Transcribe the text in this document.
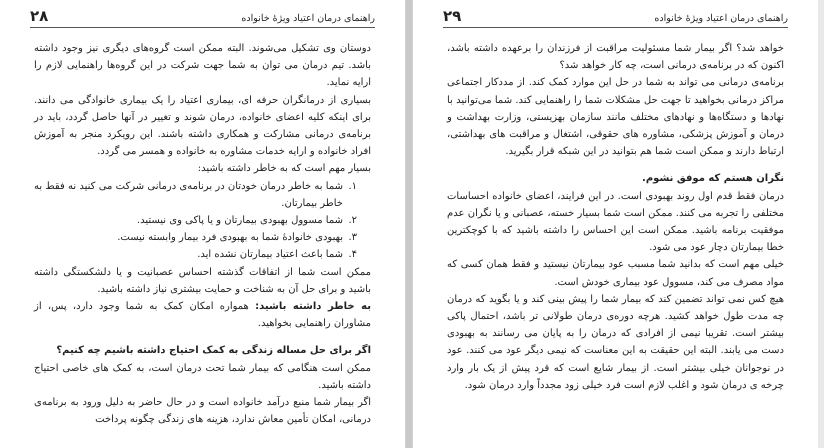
۲۸	راهنمای درمان اعتیاد ویژهٔ خانواده

دوستان وی تشکیل می‌شوند. البته ممکن است گروه‌های دیگری نیز وجود داشته باشد. تیم درمان می توان به شما جهت شرکت در این گروه‌ها راهنمایی لازم را ارایه نماید.

بسیاری از درمانگران حرفه ای، بیماری اعتیاد را یک بیماری خانوادگی می دانند. برای اینکه کلیه اعضای خانواده، درمان شوند و تغییر در آنها حاصل گردد، باید در برنامه‌ی درمانی مشارکت و همکاری داشته باشند. این رویکرد منجر به آموزش افراد خانواده و ارایه خدمات مشاوره به خانواده و همسر می گردد.

بسیار مهم است که به خاطر داشته باشید:

۱.
شما به خاطر درمان خودتان در برنامه‌ی درمانی شرکت می کنید نه فقط به خاطر بیمارتان.
۲.
شما مسوول بهبودی بیمارتان و یا پاکی وی نیستید.
۳.
بهبودی خانوادهٔ شما به بهبودی فرد بیمار وابسته نیست.
۴.
شما باعث اعتیاد بیمارتان نشده اید.

ممکن است شما از اتفاقات گذشته احساس عصبانیت و یا دلشکستگی داشته باشید و برای حل آن به شناخت و حمایت بیشتری نیاز داشته باشید.

به خاطر داشته باشید: همواره امکان کمک به شما وجود دارد، پس، از مشاوران راهنمایی بخواهید.

اگر برای حل مساله زندگی به کمک احتیاج داشته باشیم چه کنیم؟

ممکن است هنگامی که بیمار شما تحت درمان است، به کمک های خاصی احتیاج داشته باشید.

اگر بیمار شما منبع درآمد خانواده است و در حال حاضر به دلیل ورود به برنامه‌ی درمانی، امکان تأمین معاش ندارد، هزینه های زندگی چگونه پرداخت

۲۹	راهنمای درمان اعتیاد ویژهٔ خانواده

خواهد شد؟ اگر بیمار شما مسئولیت مراقبت از فرزندان را برعهده داشته باشد، اکنون که در برنامه‌ی درمانی است، چه کار خواهد شد؟

برنامه‌ی درمانی می تواند به شما در حل این موارد کمک کند. از مددکار اجتماعی مراکز درمانی بخواهید تا جهت حل مشکلات شما را راهنمایی کند. شما می‌توانید با نهادها و دستگاه‌ها و نهادهای مختلف مانند سازمان بهزیستی، وزارت بهداشت و درمان و آموزش پزشکی، مشاوره های حقوقی، اشتغال و مراقبت های بهداشتی، ارتباط دارند و ممکن است شما هم بتوانید در این شبکه قرار بگیرید.

نگران هستم که موفق نشوم.

درمان فقط قدم اول روند بهبودی است. در این فرایند، اعضای خانواده احساسات مختلفی را تجربه می کنند. ممکن است شما بسیار خسته، عصبانی و یا نگران عدم موفقیت برنامه باشید. ممکن است این احساس را داشته باشید که با کوچکترین خطا بیمارتان دچار عود می شود.

خیلی مهم است که بدانید شما مسبب عود بیمارتان نیستید و فقط همان کسی که مواد مصرف می کند، مسوول عود بیماری خودش است.

هیچ کس نمی تواند تضمین کند که بیمار شما را پیش بینی کند و یا بگوید که درمان چه مدت طول خواهد کشید. هرچه دوره‌ی درمان طولانی تر باشد، احتمال پاکی بیشتر است. تقریبا نیمی از افرادی که درمان را به پایان می رسانند به بهبودی دست می یابند. البته این حقیقت به این معناست که نیمی دیگر عود می کنند. عود در نوجوانان خیلی بیشتر است. از بیمار شایع است که قرد پیش از یک بار وارد چرخه ی درمان شود و اغلب لازم است فرد خیلی زود مجدداً وارد درمان شود.
